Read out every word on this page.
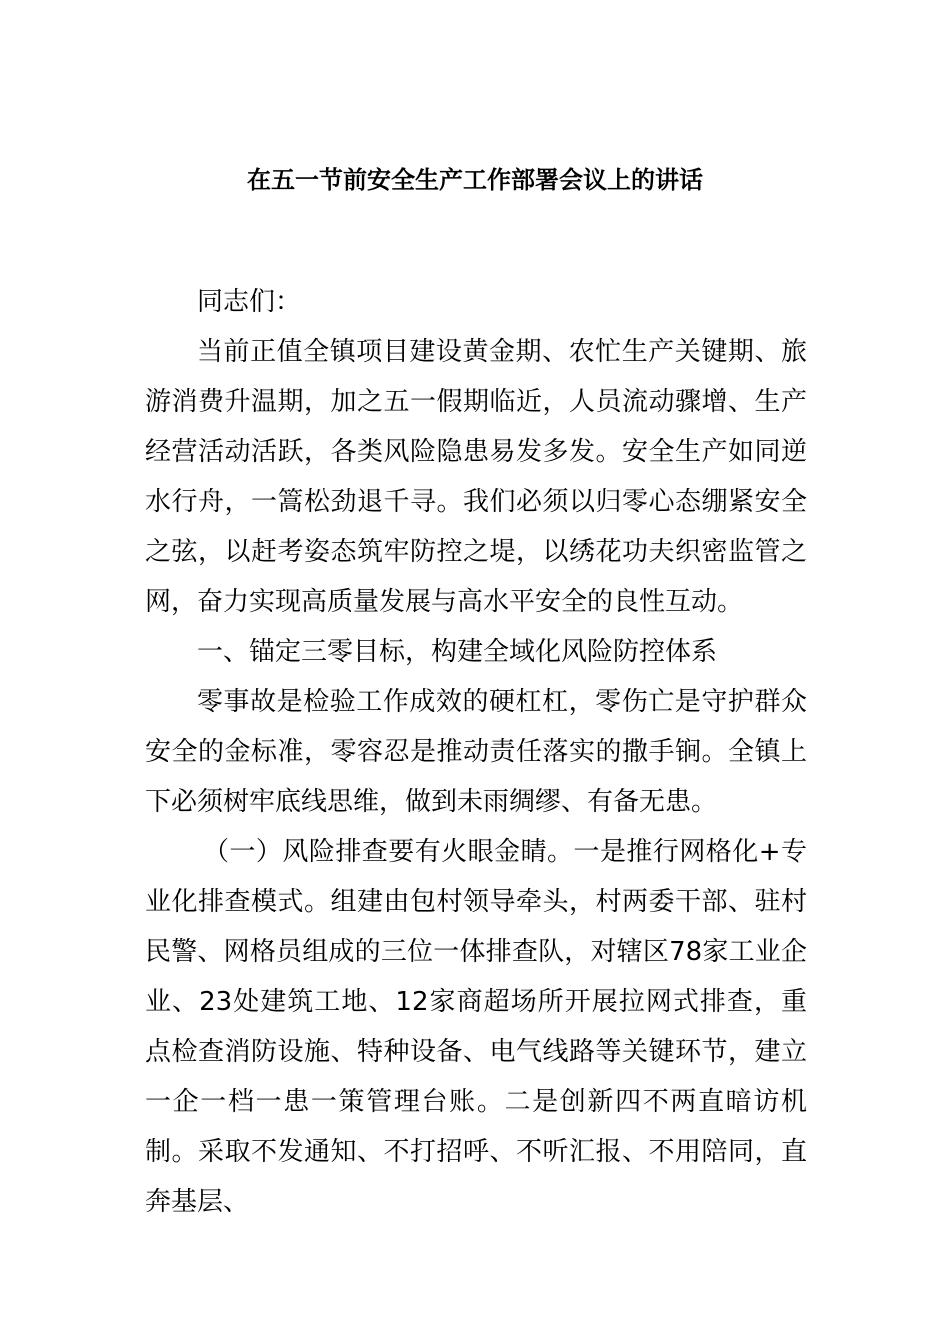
在五一节前安全生产工作部署会议上的讲话

同志们：

当前正值全镇项目建设黄金期、农忙生产关键期、旅游消费升温期，加之五一假期临近，人员流动骤增、生产经营活动活跃，各类风险隐患易发多发。安全生产如同逆水行舟，一篙松劲退千寻。我们必须以归零心态绷紧安全之弦，以赶考姿态筑牢防控之堤，以绣花功夫织密监管之网，奋力实现高质量发展与高水平安全的良性互动。

一、锚定三零目标，构建全域化风险防控体系

零事故是检验工作成效的硬杠杠，零伤亡是守护群众安全的金标准，零容忍是推动责任落实的撒手锏。全镇上下必须树牢底线思维，做到未雨绸缪、有备无患。

（一）风险排查要有火眼金睛。一是推行网格化+专业化排查模式。组建由包村领导牵头，村两委干部、驻村民警、网格员组成的三位一体排查队，对辖区78家工业企业、23处建筑工地、12家商超场所开展拉网式排查，重点检查消防设施、特种设备、电气线路等关键环节，建立一企一档一患一策管理台账。二是创新四不两直暗访机制。采取不发通知、不打招呼、不听汇报、不用陪同，直奔基层、
